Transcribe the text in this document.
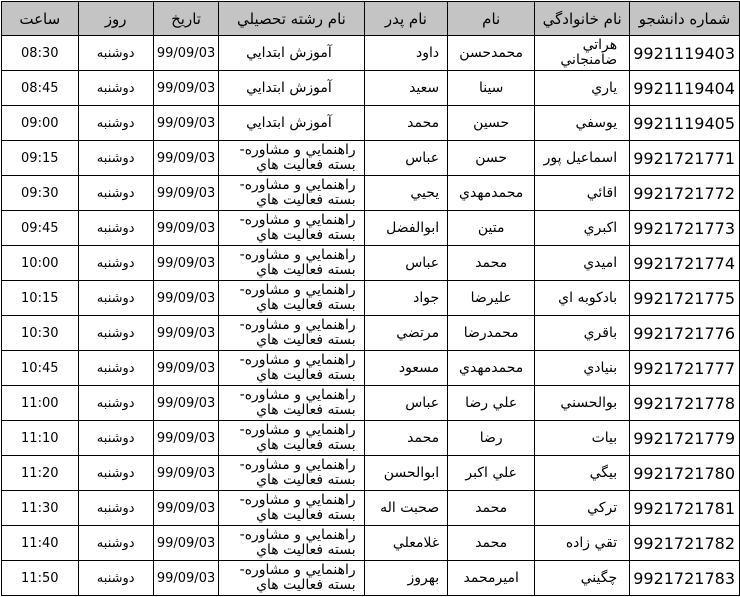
ساعت	روز	تاریخ	نام رشته تحصيلي	نام پدر	نام	نام خانوادگي	شماره دانشجو
08:30	دوشنبه	99/09/03	آموزش ابتدايي	داود	محمدحسن	هراتي ضامنجاني	9921119403
08:45	دوشنبه	99/09/03	آموزش ابتدايي	سعيد	سينا	ياري	9921119404
09:00	دوشنبه	99/09/03	آموزش ابتدايي	محمد	حسين	يوسفي	9921119405
09:15	دوشنبه	99/09/03	راهنمايي و مشاوره- بسته فعاليت هاي	عباس	حسن	اسماعيل پور	9921721771
09:30	دوشنبه	99/09/03	راهنمايي و مشاوره- بسته فعاليت هاي	يحيي	محمدمهدي	اقائي	9921721772
09:45	دوشنبه	99/09/03	راهنمايي و مشاوره- بسته فعاليت هاي	ابوالفضل	متين	اكبري	9921721773
10:00	دوشنبه	99/09/03	راهنمايي و مشاوره- بسته فعاليت هاي	عباس	محمد	اميدي	9921721774
10:15	دوشنبه	99/09/03	راهنمايي و مشاوره- بسته فعاليت هاي	جواد	عليرضا	بادكوبه اي	9921721775
10:30	دوشنبه	99/09/03	راهنمايي و مشاوره- بسته فعاليت هاي	مرتضي	محمدرضا	باقري	9921721776
10:45	دوشنبه	99/09/03	راهنمايي و مشاوره- بسته فعاليت هاي	مسعود	محمدمهدي	بنيادي	9921721777
11:00	دوشنبه	99/09/03	راهنمايي و مشاوره- بسته فعاليت هاي	عباس	علي رضا	بوالحسني	9921721778
11:10	دوشنبه	99/09/03	راهنمايي و مشاوره- بسته فعاليت هاي	محمد	رضا	بيات	9921721779
11:20	دوشنبه	99/09/03	راهنمايي و مشاوره- بسته فعاليت هاي	ابوالحسن	علي اكبر	بيگي	9921721780
11:30	دوشنبه	99/09/03	راهنمايي و مشاوره- بسته فعاليت هاي	صحبت اله	محمد	تركي	9921721781
11:40	دوشنبه	99/09/03	راهنمايي و مشاوره- بسته فعاليت هاي	غلامعلي	محمد	تقي زاده	9921721782
11:50	دوشنبه	99/09/03	راهنمايي و مشاوره- بسته فعاليت هاي	بهروز	اميرمحمد	چگيني	9921721783
